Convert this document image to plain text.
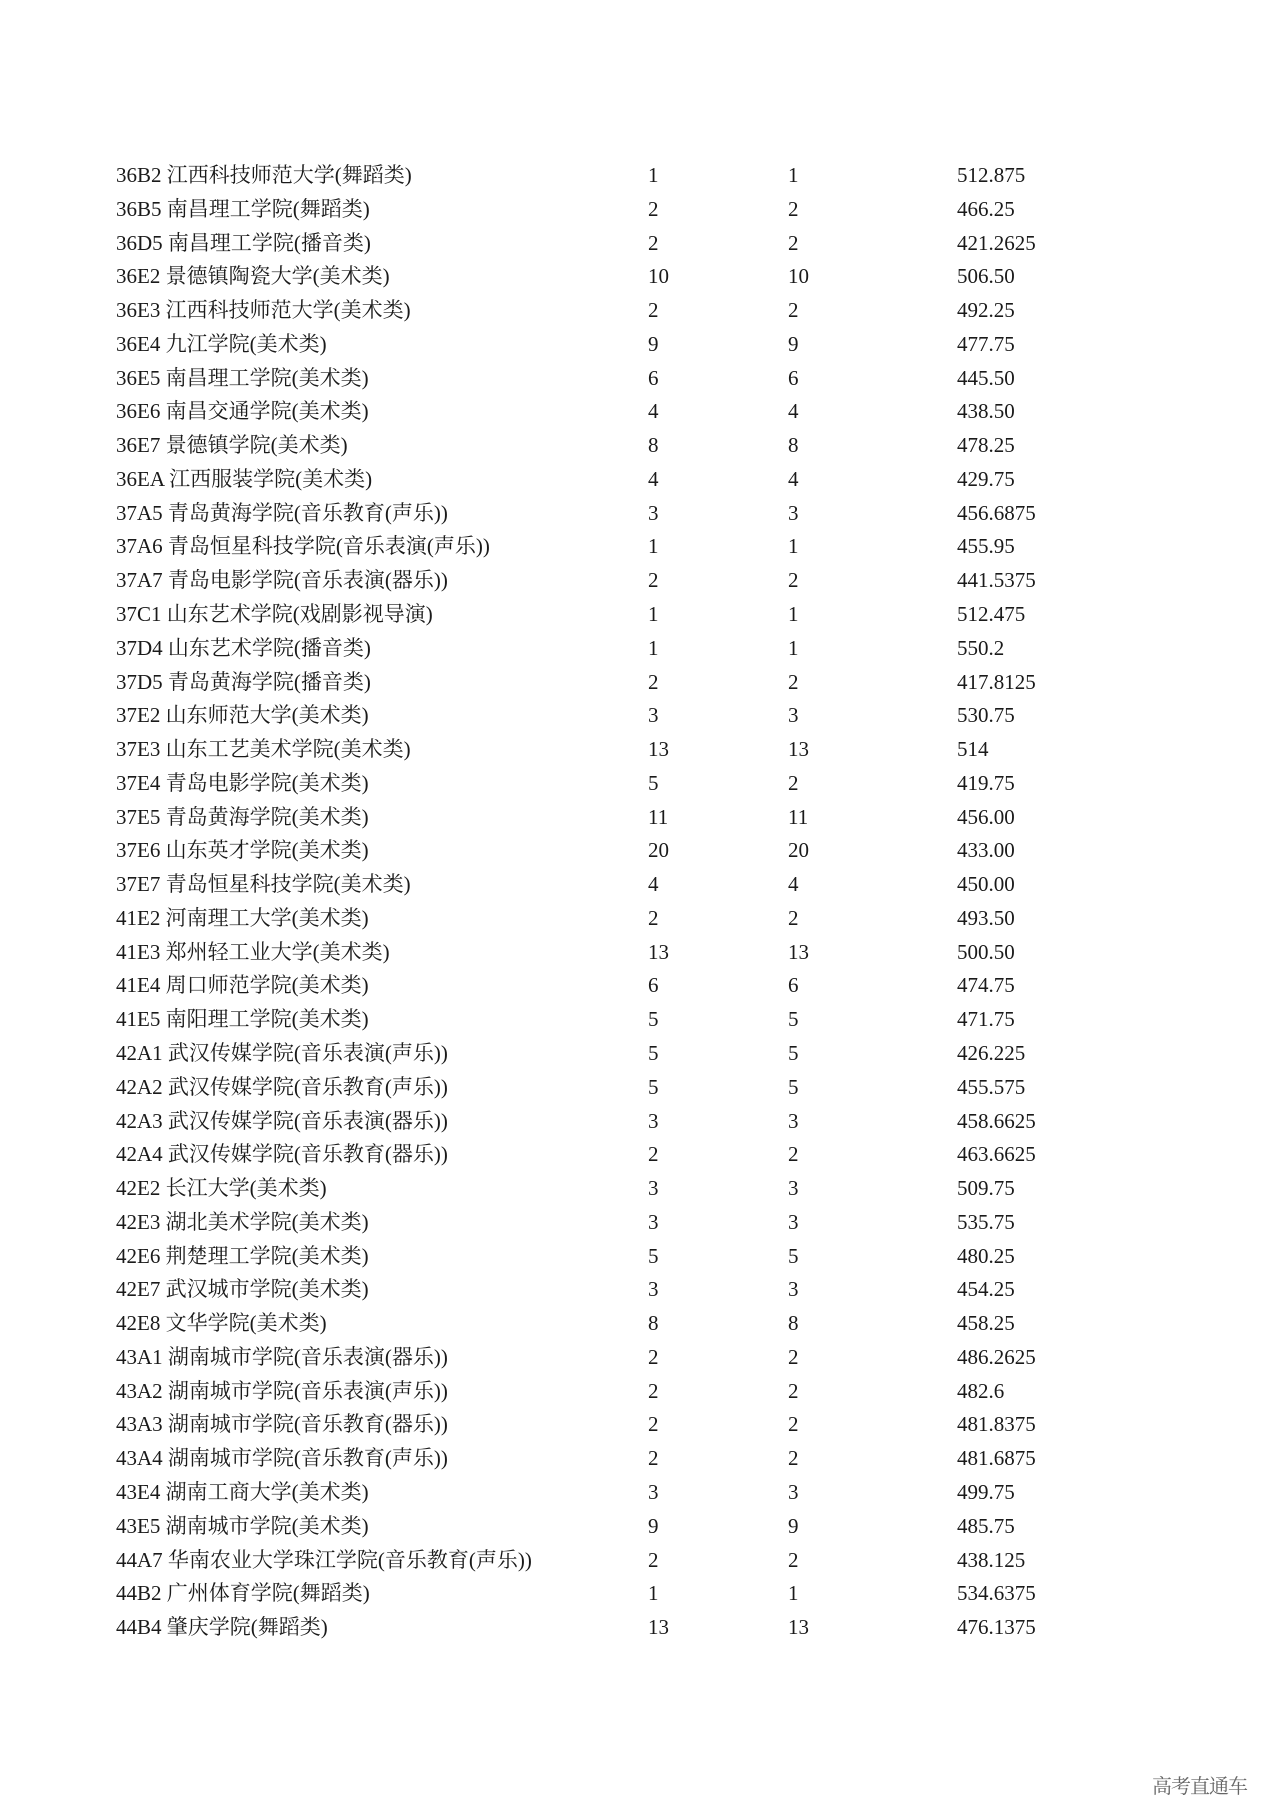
36B2 江西科技师范大学(舞蹈类)	1	1	512.875
36B5 南昌理工学院(舞蹈类)	2	2	466.25
36D5 南昌理工学院(播音类)	2	2	421.2625
36E2 景德镇陶瓷大学(美术类)	10	10	506.50
36E3 江西科技师范大学(美术类)	2	2	492.25
36E4 九江学院(美术类)	9	9	477.75
36E5 南昌理工学院(美术类)	6	6	445.50
36E6 南昌交通学院(美术类)	4	4	438.50
36E7 景德镇学院(美术类)	8	8	478.25
36EA 江西服装学院(美术类)	4	4	429.75
37A5 青岛黄海学院(音乐教育(声乐))	3	3	456.6875
37A6 青岛恒星科技学院(音乐表演(声乐))	1	1	455.95
37A7 青岛电影学院(音乐表演(器乐))	2	2	441.5375
37C1 山东艺术学院(戏剧影视导演)	1	1	512.475
37D4 山东艺术学院(播音类)	1	1	550.2
37D5 青岛黄海学院(播音类)	2	2	417.8125
37E2 山东师范大学(美术类)	3	3	530.75
37E3 山东工艺美术学院(美术类)	13	13	514
37E4 青岛电影学院(美术类)	5	2	419.75
37E5 青岛黄海学院(美术类)	11	11	456.00
37E6 山东英才学院(美术类)	20	20	433.00
37E7 青岛恒星科技学院(美术类)	4	4	450.00
41E2 河南理工大学(美术类)	2	2	493.50
41E3 郑州轻工业大学(美术类)	13	13	500.50
41E4 周口师范学院(美术类)	6	6	474.75
41E5 南阳理工学院(美术类)	5	5	471.75
42A1 武汉传媒学院(音乐表演(声乐))	5	5	426.225
42A2 武汉传媒学院(音乐教育(声乐))	5	5	455.575
42A3 武汉传媒学院(音乐表演(器乐))	3	3	458.6625
42A4 武汉传媒学院(音乐教育(器乐))	2	2	463.6625
42E2 长江大学(美术类)	3	3	509.75
42E3 湖北美术学院(美术类)	3	3	535.75
42E6 荆楚理工学院(美术类)	5	5	480.25
42E7 武汉城市学院(美术类)	3	3	454.25
42E8 文华学院(美术类)	8	8	458.25
43A1 湖南城市学院(音乐表演(器乐))	2	2	486.2625
43A2 湖南城市学院(音乐表演(声乐))	2	2	482.6
43A3 湖南城市学院(音乐教育(器乐))	2	2	481.8375
43A4 湖南城市学院(音乐教育(声乐))	2	2	481.6875
43E4 湖南工商大学(美术类)	3	3	499.75
43E5 湖南城市学院(美术类)	9	9	485.75
44A7 华南农业大学珠江学院(音乐教育(声乐))	2	2	438.125
44B2 广州体育学院(舞蹈类)	1	1	534.6375
44B4 肇庆学院(舞蹈类)	13	13	476.1375
高考直通车
